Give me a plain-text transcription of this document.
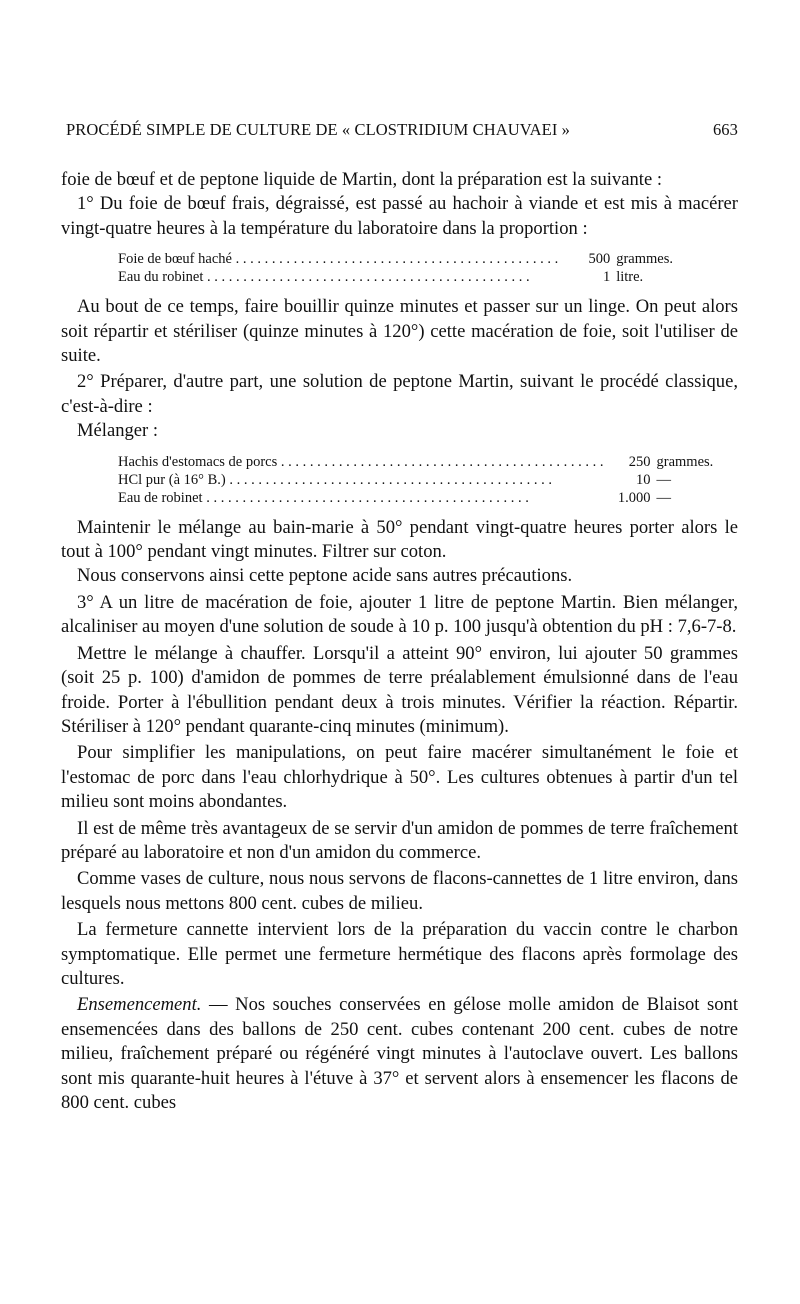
PROCÉDÉ SIMPLE DE CULTURE DE « CLOSTRIDIUM CHAUVAEI »	663

foie de bœuf et de peptone liquide de Martin, dont la préparation est la suivante :

1° Du foie de bœuf frais, dégraissé, est passé au hachoir à viande et est mis à macérer vingt-quatre heures à la température du laboratoire dans la proportion :

Foie de bœuf haché . . .	500	grammes.
Eau du robinet . . .	1	litre.

Au bout de ce temps, faire bouillir quinze minutes et passer sur un linge. On peut alors soit répartir et stériliser (quinze minutes à 120°) cette macération de foie, soit l'utiliser de suite.

2° Préparer, d'autre part, une solution de peptone Martin, suivant le procédé classique, c'est-à-dire :

Mélanger :

Hachis d'estomacs de porcs . . .	250	grammes.
HCl pur (à 16° B.) . . .	10	—
Eau de robinet . . .	1.000	—

Maintenir le mélange au bain-marie à 50° pendant vingt-quatre heures porter alors le tout à 100° pendant vingt minutes. Filtrer sur coton.

Nous conservons ainsi cette peptone acide sans autres précautions.

3° A un litre de macération de foie, ajouter 1 litre de peptone Martin. Bien mélanger, alcaliniser au moyen d'une solution de soude à 10 p. 100 jusqu'à obtention du pH : 7,6-7-8.

Mettre le mélange à chauffer. Lorsqu'il a atteint 90° environ, lui ajouter 50 grammes (soit 25 p. 100) d'amidon de pommes de terre préalablement émulsionné dans de l'eau froide. Porter à l'ébullition pendant deux à trois minutes. Vérifier la réaction. Répartir. Stériliser à 120° pendant quarante-cinq minutes (minimum).

Pour simplifier les manipulations, on peut faire macérer simultanément le foie et l'estomac de porc dans l'eau chlorhydrique à 50°. Les cultures obtenues à partir d'un tel milieu sont moins abondantes.

Il est de même très avantageux de se servir d'un amidon de pommes de terre fraîchement préparé au laboratoire et non d'un amidon du commerce.

Comme vases de culture, nous nous servons de flacons-cannettes de 1 litre environ, dans lesquels nous mettons 800 cent. cubes de milieu.

La fermeture cannette intervient lors de la préparation du vaccin contre le charbon symptomatique. Elle permet une fermeture hermétique des flacons après formolage des cultures.

Ensemencement. — Nos souches conservées en gélose molle amidon de Blaisot sont ensemencées dans des ballons de 250 cent. cubes contenant 200 cent. cubes de notre milieu, fraîchement préparé ou régénéré vingt minutes à l'autoclave ouvert. Les ballons sont mis quarante-huit heures à l'étuve à 37° et servent alors à ensemencer les flacons de 800 cent. cubes
